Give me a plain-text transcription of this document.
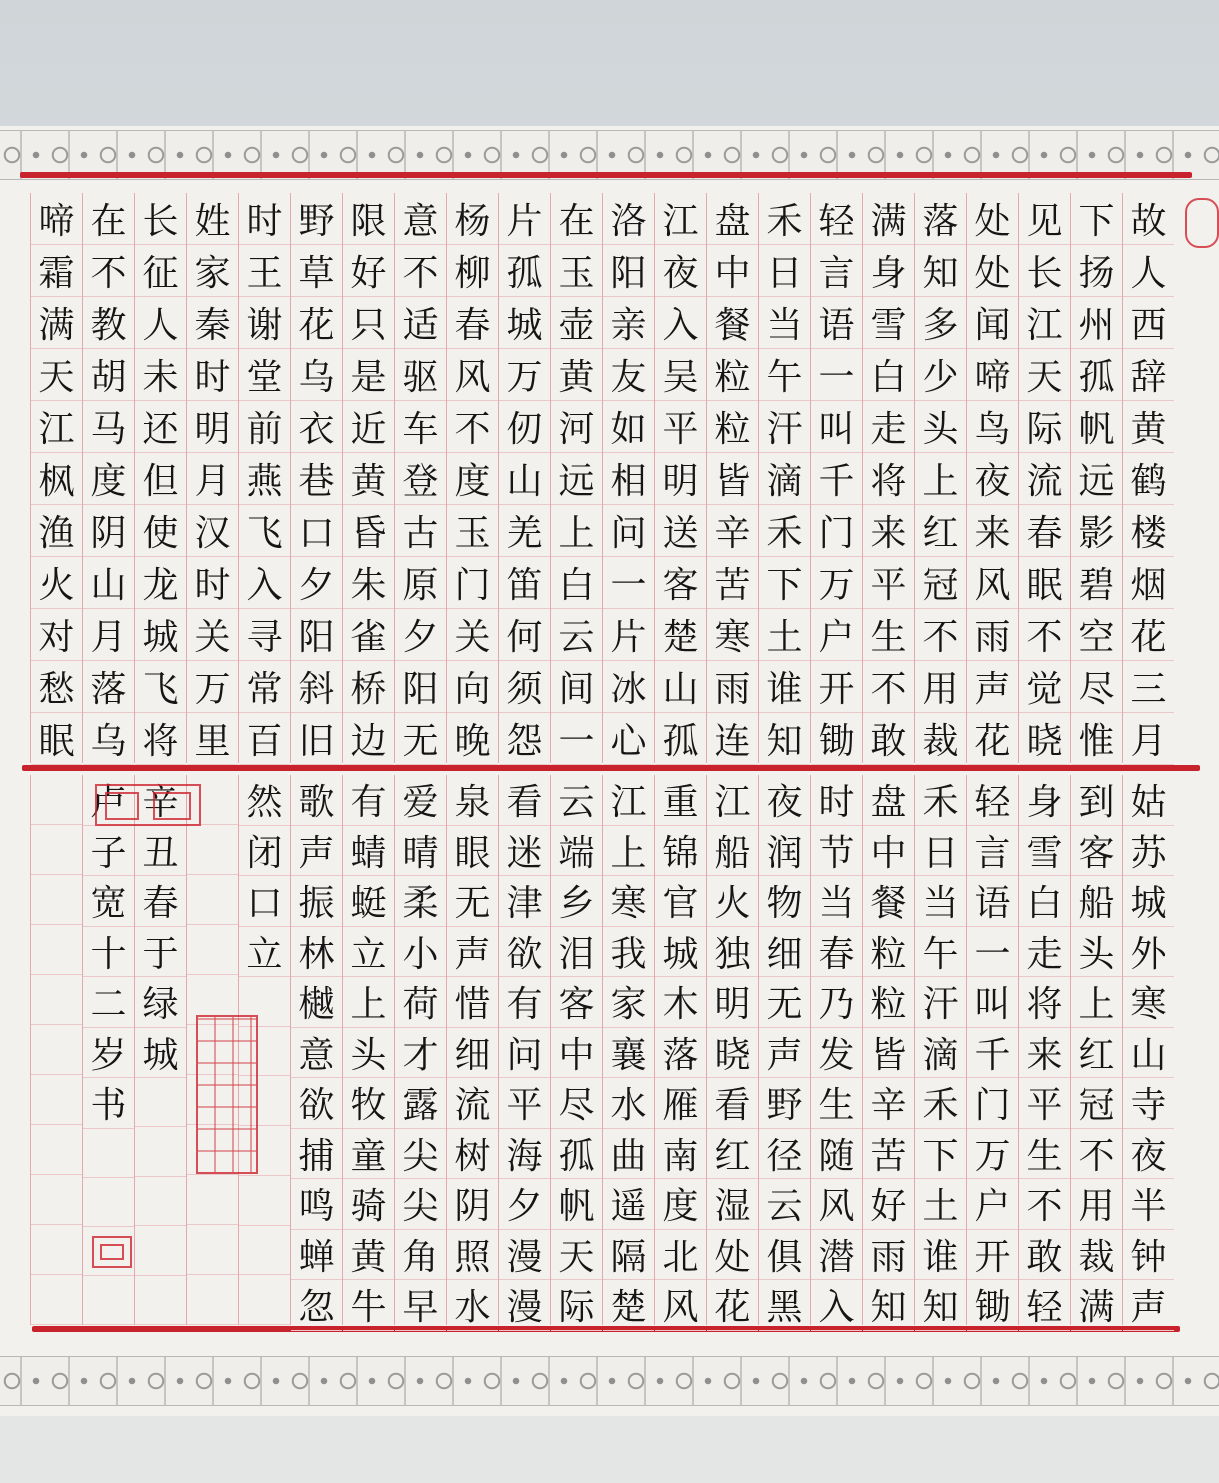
故
人
西
辞
黄
鹤
楼
烟
花
三
月
下
扬
州
孤
帆
远
影
碧
空
尽
惟
见
长
江
天
际
流
春
眠
不
觉
晓
处
处
闻
啼
鸟
夜
来
风
雨
声
花
落
知
多
少
头
上
红
冠
不
用
裁
满
身
雪
白
走
将
来
平
生
不
敢
轻
言
语
一
叫
千
门
万
户
开
锄
禾
日
当
午
汗
滴
禾
下
土
谁
知
盘
中
餐
粒
粒
皆
辛
苦
寒
雨
连
江
夜
入
吴
平
明
送
客
楚
山
孤
洛
阳
亲
友
如
相
问
一
片
冰
心
在
玉
壶
黄
河
远
上
白
云
间
一
片
孤
城
万
仞
山
羌
笛
何
须
怨
杨
柳
春
风
不
度
玉
门
关
向
晚
意
不
适
驱
车
登
古
原
夕
阳
无
限
好
只
是
近
黄
昏
朱
雀
桥
边
野
草
花
乌
衣
巷
口
夕
阳
斜
旧
时
王
谢
堂
前
燕
飞
入
寻
常
百
姓
家
秦
时
明
月
汉
时
关
万
里
长
征
人
未
还
但
使
龙
城
飞
将
在
不
教
胡
马
度
阴
山
月
落
乌
啼
霜
满
天
江
枫
渔
火
对
愁
眠
姑
苏
城
外
寒
山
寺
夜
半
钟
声
到
客
船
头
上
红
冠
不
用
裁
满
身
雪
白
走
将
来
平
生
不
敢
轻
轻
言
语
一
叫
千
门
万
户
开
锄
禾
日
当
午
汗
滴
禾
下
土
谁
知
盘
中
餐
粒
粒
皆
辛
苦
好
雨
知
时
节
当
春
乃
发
生
随
风
潜
入
夜
润
物
细
无
声
野
径
云
俱
黑
江
船
火
独
明
晓
看
红
湿
处
花
重
锦
官
城
木
落
雁
南
度
北
风
江
上
寒
我
家
襄
水
曲
遥
隔
楚
云
端
乡
泪
客
中
尽
孤
帆
天
际
看
迷
津
欲
有
问
平
海
夕
漫
漫
泉
眼
无
声
惜
细
流
树
阴
照
水
爱
晴
柔
小
荷
才
露
尖
尖
角
早
有
蜻
蜓
立
上
头
牧
童
骑
黄
牛
歌
声
振
林
樾
意
欲
捕
鸣
蝉
忽
然
闭
口
立
辛
丑
春
于
绿
城
卢
子
宽
十
二
岁
书
